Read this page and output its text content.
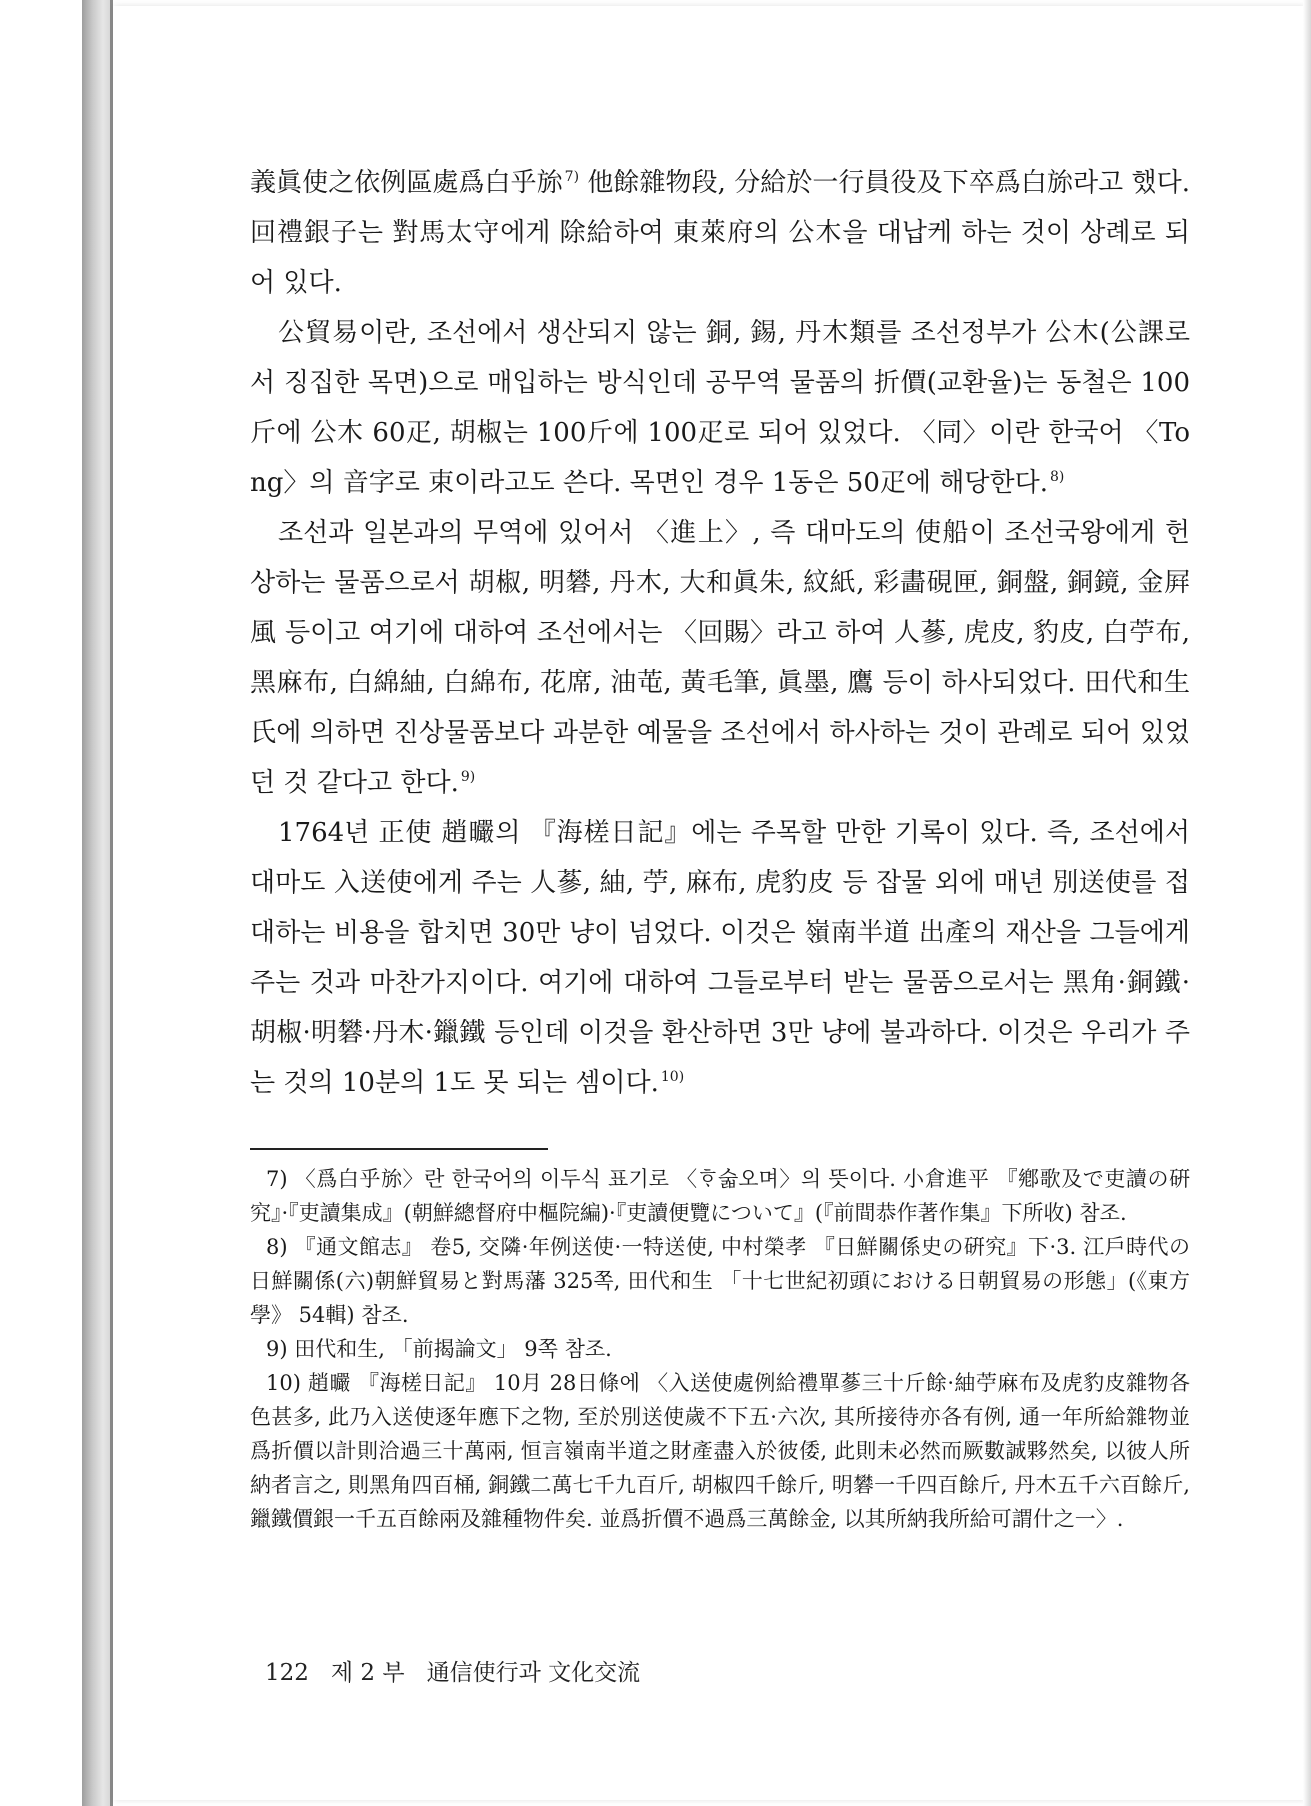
義眞使之依例區處爲白乎旀 $^{7)}$ 他餘雜物段, 分給於一行員役及下卒爲白旀라고 했다. 回禮銀子는 對馬太守에게 除給하여 東萊府의 公木을 대납케 하는 것이 상례로 되어 있다.

公貿易이란, 조선에서 생산되지 않는 銅, 錫, 丹木類를 조선정부가 公木(公課로서 징집한 목면)으로 매입하는 방식인데 공무역 물품의 折價(교환율)는 동철은 100斤에 公木 60疋, 胡椒는 100斤에 100疋로 되어 있었다. 〈同〉이란 한국어 〈Tong〉의 音字로 束이라고도 쓴다. 목면인 경우 1동은 50疋에 해당한다. $^{8)}$

조선과 일본과의 무역에 있어서 〈進上〉, 즉 대마도의 使船이 조선국왕에게 헌상하는 물품으로서 胡椒, 明礬, 丹木, 大和眞朱, 紋紙, 彩畵硯匣, 銅盤, 銅鏡, 金屛風 등이고 여기에 대하여 조선에서는 〈回賜〉라고 하여 人蔘, 虎皮, 豹皮, 白苧布, 黑麻布, 白綿紬, 白綿布, 花席, 油芚, 黃毛筆, 眞墨, 鷹 등이 하사되었다. 田代和生 氏에 의하면 진상물품보다 과분한 예물을 조선에서 하사하는 것이 관례로 되어 있었던 것 같다고 한다. $^{9)}$

1764년 正使 趙曮의 『海槎日記』에는 주목할 만한 기록이 있다. 즉, 조선에서 대마도 入送使에게 주는 人蔘, 紬, 苧, 麻布, 虎豹皮 등 잡물 외에 매년 別送使를 접대하는 비용을 합치면 30만 냥이 넘었다. 이것은 嶺南半道 出產의 재산을 그들에게 주는 것과 마찬가지이다. 여기에 대하여 그들로부터 받는 물품으로서는 黑角·銅鐵·胡椒·明礬·丹木·鑞鐵 등인데 이것을 환산하면 3만 냥에 불과하다. 이것은 우리가 주는 것의 10분의 1도 못 되는 셈이다. $^{10)}$

7) 〈爲白乎旀〉란 한국어의 이두식 표기로 〈ᄒᆞ숣오며〉의 뜻이다. 小倉進平 『鄕歌及で吏讀の硏究』·『吏讀集成』(朝鮮總督府中樞院編)·『吏讀便覽について』(『前間恭作著作集』下所收) 참조.

8) 『通文館志』 卷5, 交隣·年例送使·一特送使, 中村榮孝 『日鮮關係史の硏究』下·3. 江戶時代の日鮮關係(六)朝鮮貿易と對馬藩 325쪽, 田代和生 「十七世紀初頭における日朝貿易の形態」(《東方學》 54輯) 참조.

9) 田代和生, 「前揭論文」 9쪽 참조.

10) 趙曮 『海槎日記』 10月 28日條에 〈入送使處例給禮單蔘三十斤餘·紬苧麻布及虎豹皮雜物各色甚多, 此乃入送使逐年應下之物, 至於別送使歲不下五·六次, 其所接待亦各有例, 通一年所給雜物並爲折價以計則洽過三十萬兩, 恒言嶺南半道之財產盡入於彼倭, 此則未必然而厥數誠夥然矣, 以彼人所納者言之, 則黑角四百桶, 銅鐵二萬七千九百斤, 胡椒四千餘斤, 明礬一千四百餘斤, 丹木五千六百餘斤, 鑞鐵價銀一千五百餘兩及雜種物件矣. 並爲折價不過爲三萬餘金, 以其所納我所給可謂什之一〉.

122 제 2 부 通信使行과 文化交流
